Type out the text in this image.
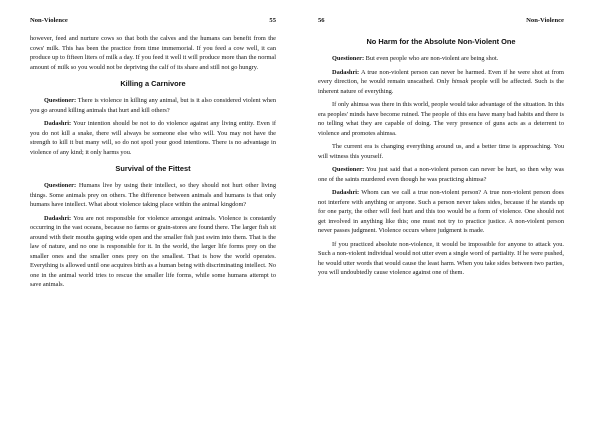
Non-Violence	55

however, feed and nurture cows so that both the calves and the humans can benefit from the cows' milk. This has been the practice from time immemorial. If you feed a cow well, it can produce up to fifteen liters of milk a day. If you feed it well it will produce more than the normal amount of milk so you would not be depriving the calf of its share and still not go hungry.

Killing a Carnivore

Questioner: There is violence in killing any animal, but is it also considered violent when you go around killing animals that hurt and kill others?

Dadashri: Your intention should be not to do violence against any living entity. Even if you do not kill a snake, there will always be someone else who will. You may not have the strength to kill it but many will, so do not spoil your good intentions. There is no advantage in violence of any kind; it only harms you.

Survival of the Fittest

Questioner: Humans live by using their intellect, so they should not hurt other living things. Some animals prey on others. The difference between animals and humans is that only humans have intellect. What about violence taking place within the animal kingdom?

Dadashri: You are not responsible for violence amongst animals. Violence is constantly occurring in the vast oceans, because no farms or grain-stores are found there. The larger fish sit around with their mouths gaping wide open and the smaller fish just swim into them. That is the law of nature, and no one is responsible for it. In the world, the larger life forms prey on the smaller ones and the smaller ones prey on the smallest. That is how the world operates. Everything is allowed until one acquires birth as a human being with discriminating intellect. No one in the animal world tries to rescue the smaller life forms, while some humans attempt to save animals.

56	Non-Violence
No Harm for the Absolute Non-Violent One

Questioner: But even people who are non-violent are being shot.

Dadashri: A true non-violent person can never be harmed. Even if he were shot at from every direction, he would remain unscathed. Only hinsak people will be affected. Such is the inherent nature of everything.

If only ahimsa was there in this world, people would take advantage of the situation. In this era peoples' minds have become ruined. The people of this era have many bad habits and there is no telling what they are capable of doing. The very presence of guns acts as a deterrent to violence and promotes ahimsa.

The current era is changing everything around us, and a better time is approaching. You will witness this yourself.

Questioner: You just said that a non-violent person can never be hurt, so then why was one of the saints murdered even though he was practicing ahimsa?

Dadashri: Whom can we call a true non-violent person? A true non-violent person does not interfere with anything or anyone. Such a person never takes sides, because if he stands up for one party, the other will feel hurt and this too would be a form of violence. One should not get involved in anything like this; one must not try to practice justice. A non-violent person never passes judgment. Violence occurs where judgment is made.

If you practiced absolute non-violence, it would be impossible for anyone to attack you. Such a non-violent individual would not utter even a single word of partiality. If he were pushed, he would utter words that would cause the least harm. When you take sides between two parties, you will undoubtedly cause violence against one of them.
